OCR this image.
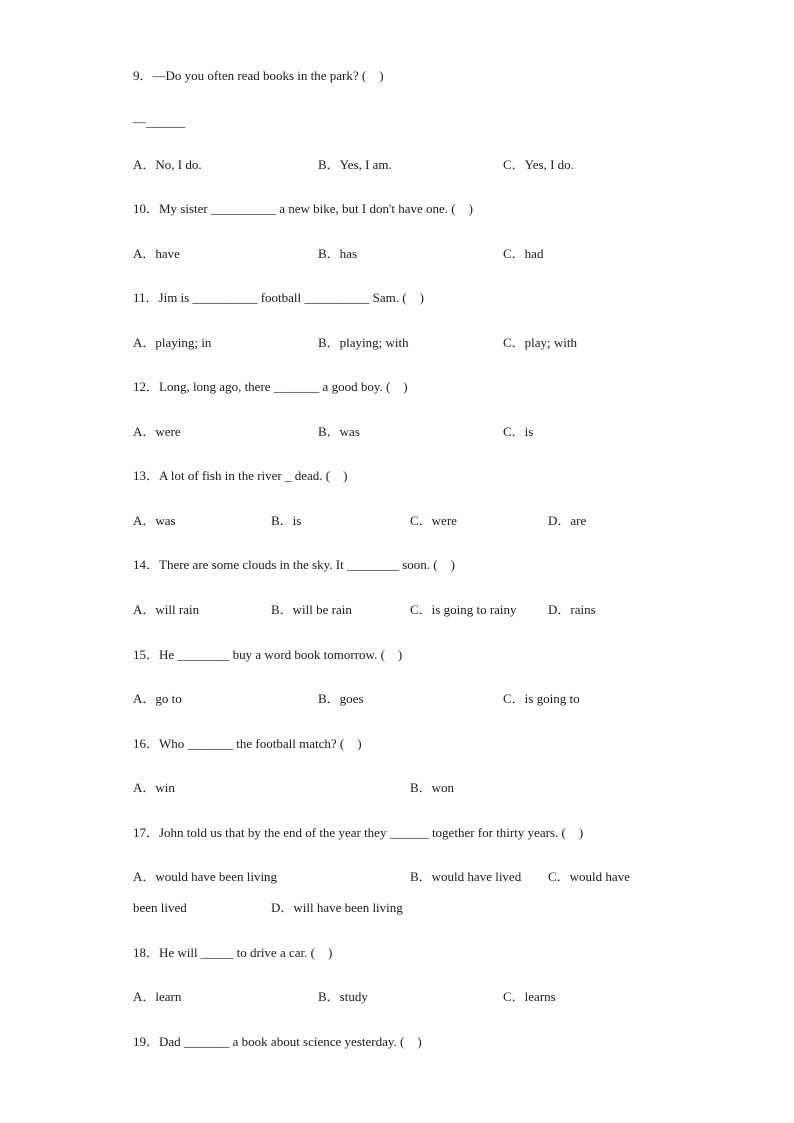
9．—Do you often read books in the park? (　)
—______
A．No, I do.	B．Yes, I am.	C．Yes, I do.
10．My sister __________ a new bike, but I don't have one. (　)
A．have	B．has	C．had
11．Jim is __________ football __________ Sam. (　)
A．playing; in	B．playing; with	C．play; with
12．Long, long ago, there _______ a good boy. (　)
A．were	B．was	C．is
13．A lot of fish in the river _ dead. (　)
A．was	B．is	C．were	D．are
14．There are some clouds in the sky. It ________ soon. (　)
A．will rain	B．will be rain	C．is going to rainy D．rains
15．He ________ buy a word book tomorrow. (　)
A．go to	B．goes	C．is going to
16．Who _______ the football match? (　)
A．win	B．won
17．John told us that by the end of the year they ______ together for thirty years. (　)
A．would have been living	B．would have lived C．would have
been lived	D．will have been living
18．He will _____ to drive a car. (　)
A．learn	B．study	C．learns
19．Dad _______ a book about science yesterday. (　)
